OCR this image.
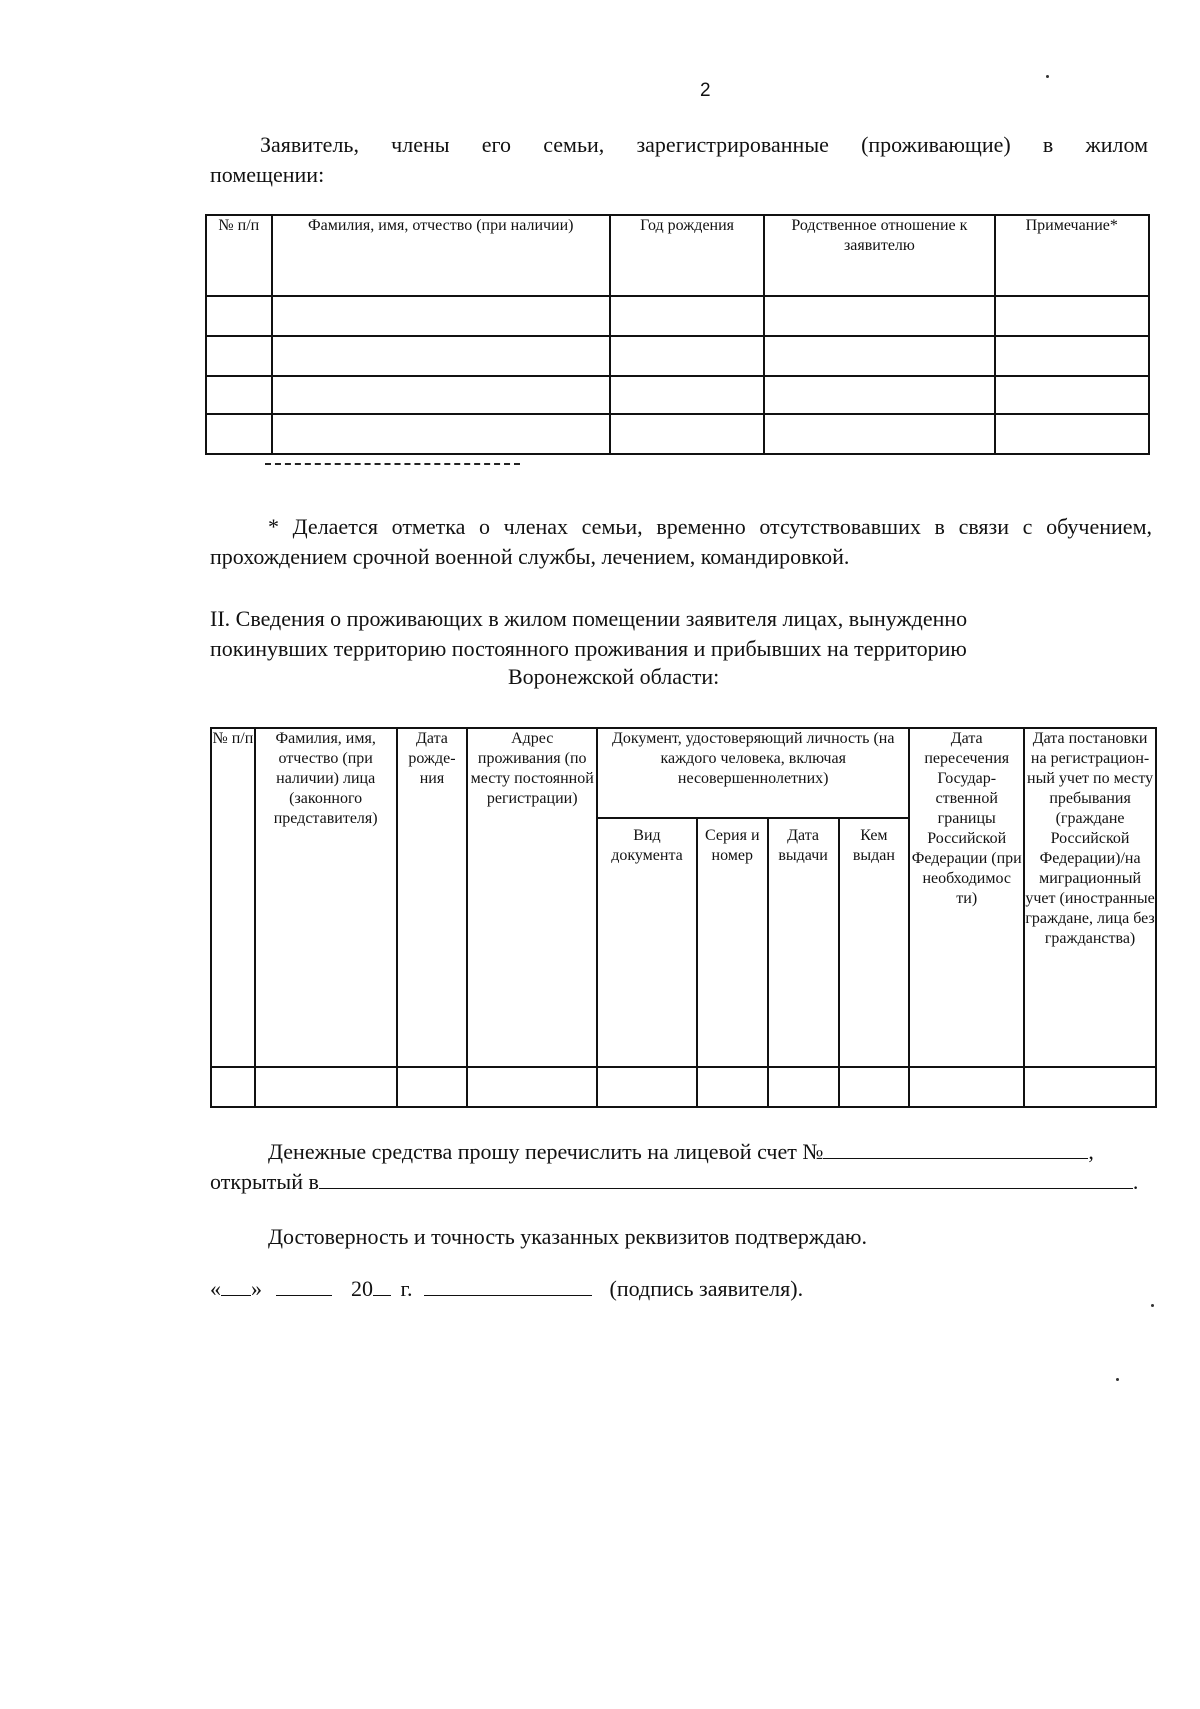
2

Заявитель, члены его семьи, зарегистрированные (проживающие) в жилом

помещении:

№ п/п	Фамилия, имя, отчество (при наличии)	Год рождения	Родственное отношение к заявителю	Примечание*

* Делается отметка о членах семьи, временно отсутствовавших в связи с обучением,

прохождением срочной военной службы, лечением, командировкой.

II. Сведения о проживающих в жилом помещении заявителя лицах, вынужденно

покинувших территорию постоянного проживания и прибывших на территорию

Воронежской области:

№ п/п	Фамилия, имя, отчество (при наличии) лица (законного представителя)	Дата рожде-ния	Адрес проживания (по месту постоянной регистрации)	Документ, удостоверяющий личность (на каждого человека, включая несовершеннолетних)				Дата пересечения Государ-ственной границы Российской Федерации (при необходимос ти)	Дата постановки на регистрацион-ный учет по месту пребывания (граждане Российской Федерации)/на миграционный учет (иностранные граждане, лица без гражданства)
				Вид документа	Серия и номер	Дата выдачи	Кем выдан		

Денежные средства прошу перечислить на лицевой счет №	,
открытый в	.

Достоверность и точность указанных реквизитов подтверждаю.

« »	20 г.	(подпись заявителя).
